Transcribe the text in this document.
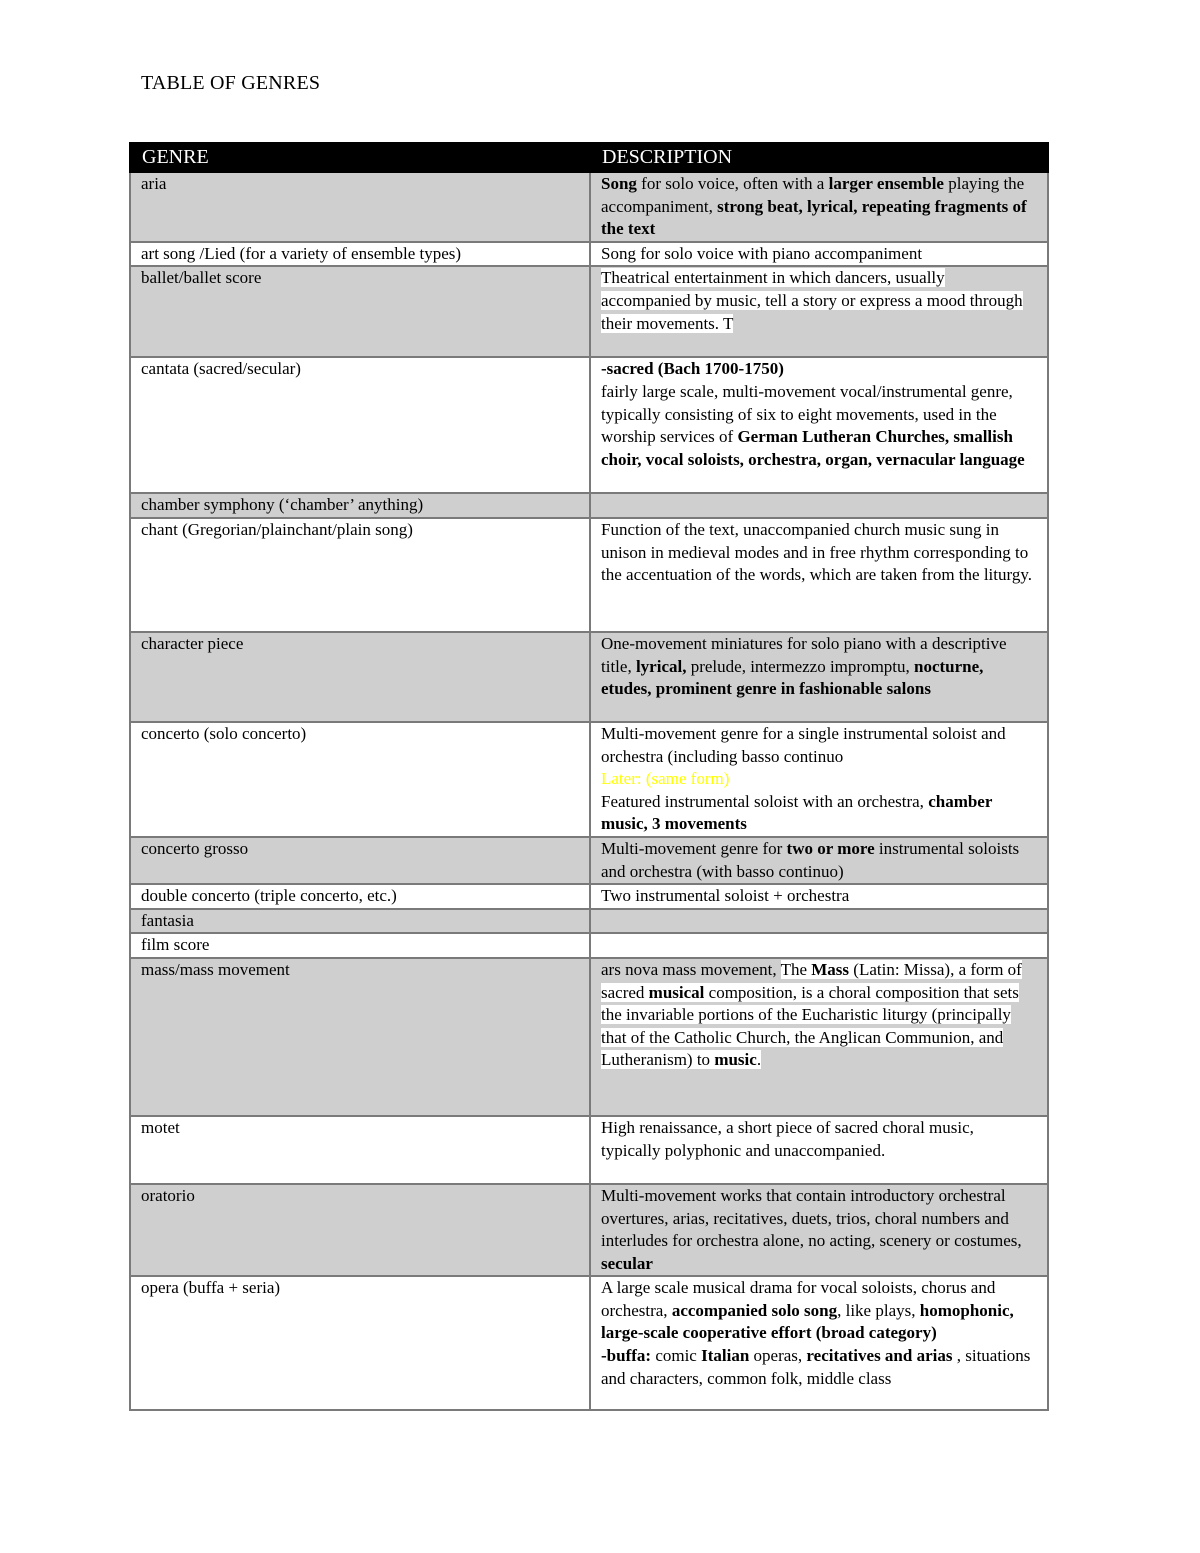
TABLE OF GENRES
GENRE	DESCRIPTION
aria	Song for solo voice, often with a larger ensemble playing the accompaniment, strong beat, lyrical, repeating fragments of the text
art song /Lied (for a variety of ensemble types)	Song for solo voice with piano accompaniment
ballet/ballet score	Theatrical entertainment in which dancers, usually accompanied by music, tell a story or express a mood through their movements. T
cantata (sacred/secular)	-sacred (Bach 1700-1750)
fairly large scale, multi-movement vocal/instrumental genre, typically consisting of six to eight movements, used in the worship services of German Lutheran Churches, smallish choir, vocal soloists, orchestra, organ, vernacular language
chamber symphony (‘chamber’ anything)	
chant (Gregorian/plainchant/plain song)	Function of the text, unaccompanied church music sung in unison in medieval modes and in free rhythm corresponding to the accentuation of the words, which are taken from the liturgy.
character piece	One-movement miniatures for solo piano with a descriptive title, lyrical, prelude, intermezzo impromptu, nocturne, etudes, prominent genre in fashionable salons
concerto (solo concerto)	Multi-movement genre for a single instrumental soloist and orchestra (including basso continuo
Later: (same form)
Featured instrumental soloist with an orchestra, chamber music, 3 movements
concerto grosso	Multi-movement genre for two or more instrumental soloists and orchestra (with basso continuo)
double concerto (triple concerto, etc.)	Two instrumental soloist + orchestra
fantasia	
film score	
mass/mass movement	ars nova mass movement, The Mass (Latin: Missa), a form of sacred musical composition, is a choral composition that sets the invariable portions of the Eucharistic liturgy (principally that of the Catholic Church, the Anglican Communion, and Lutheranism) to music.
motet	High renaissance, a short piece of sacred choral music, typically polyphonic and unaccompanied.
oratorio	Multi-movement works that contain introductory orchestral overtures, arias, recitatives, duets, trios, choral numbers and interludes for orchestra alone, no acting, scenery or costumes, secular
opera (buffa + seria)	A large scale musical drama for vocal soloists, chorus and orchestra, accompanied solo song, like plays, homophonic, large-scale cooperative effort (broad category)
-buffa: comic Italian operas, recitatives and arias , situations and characters, common folk, middle class
